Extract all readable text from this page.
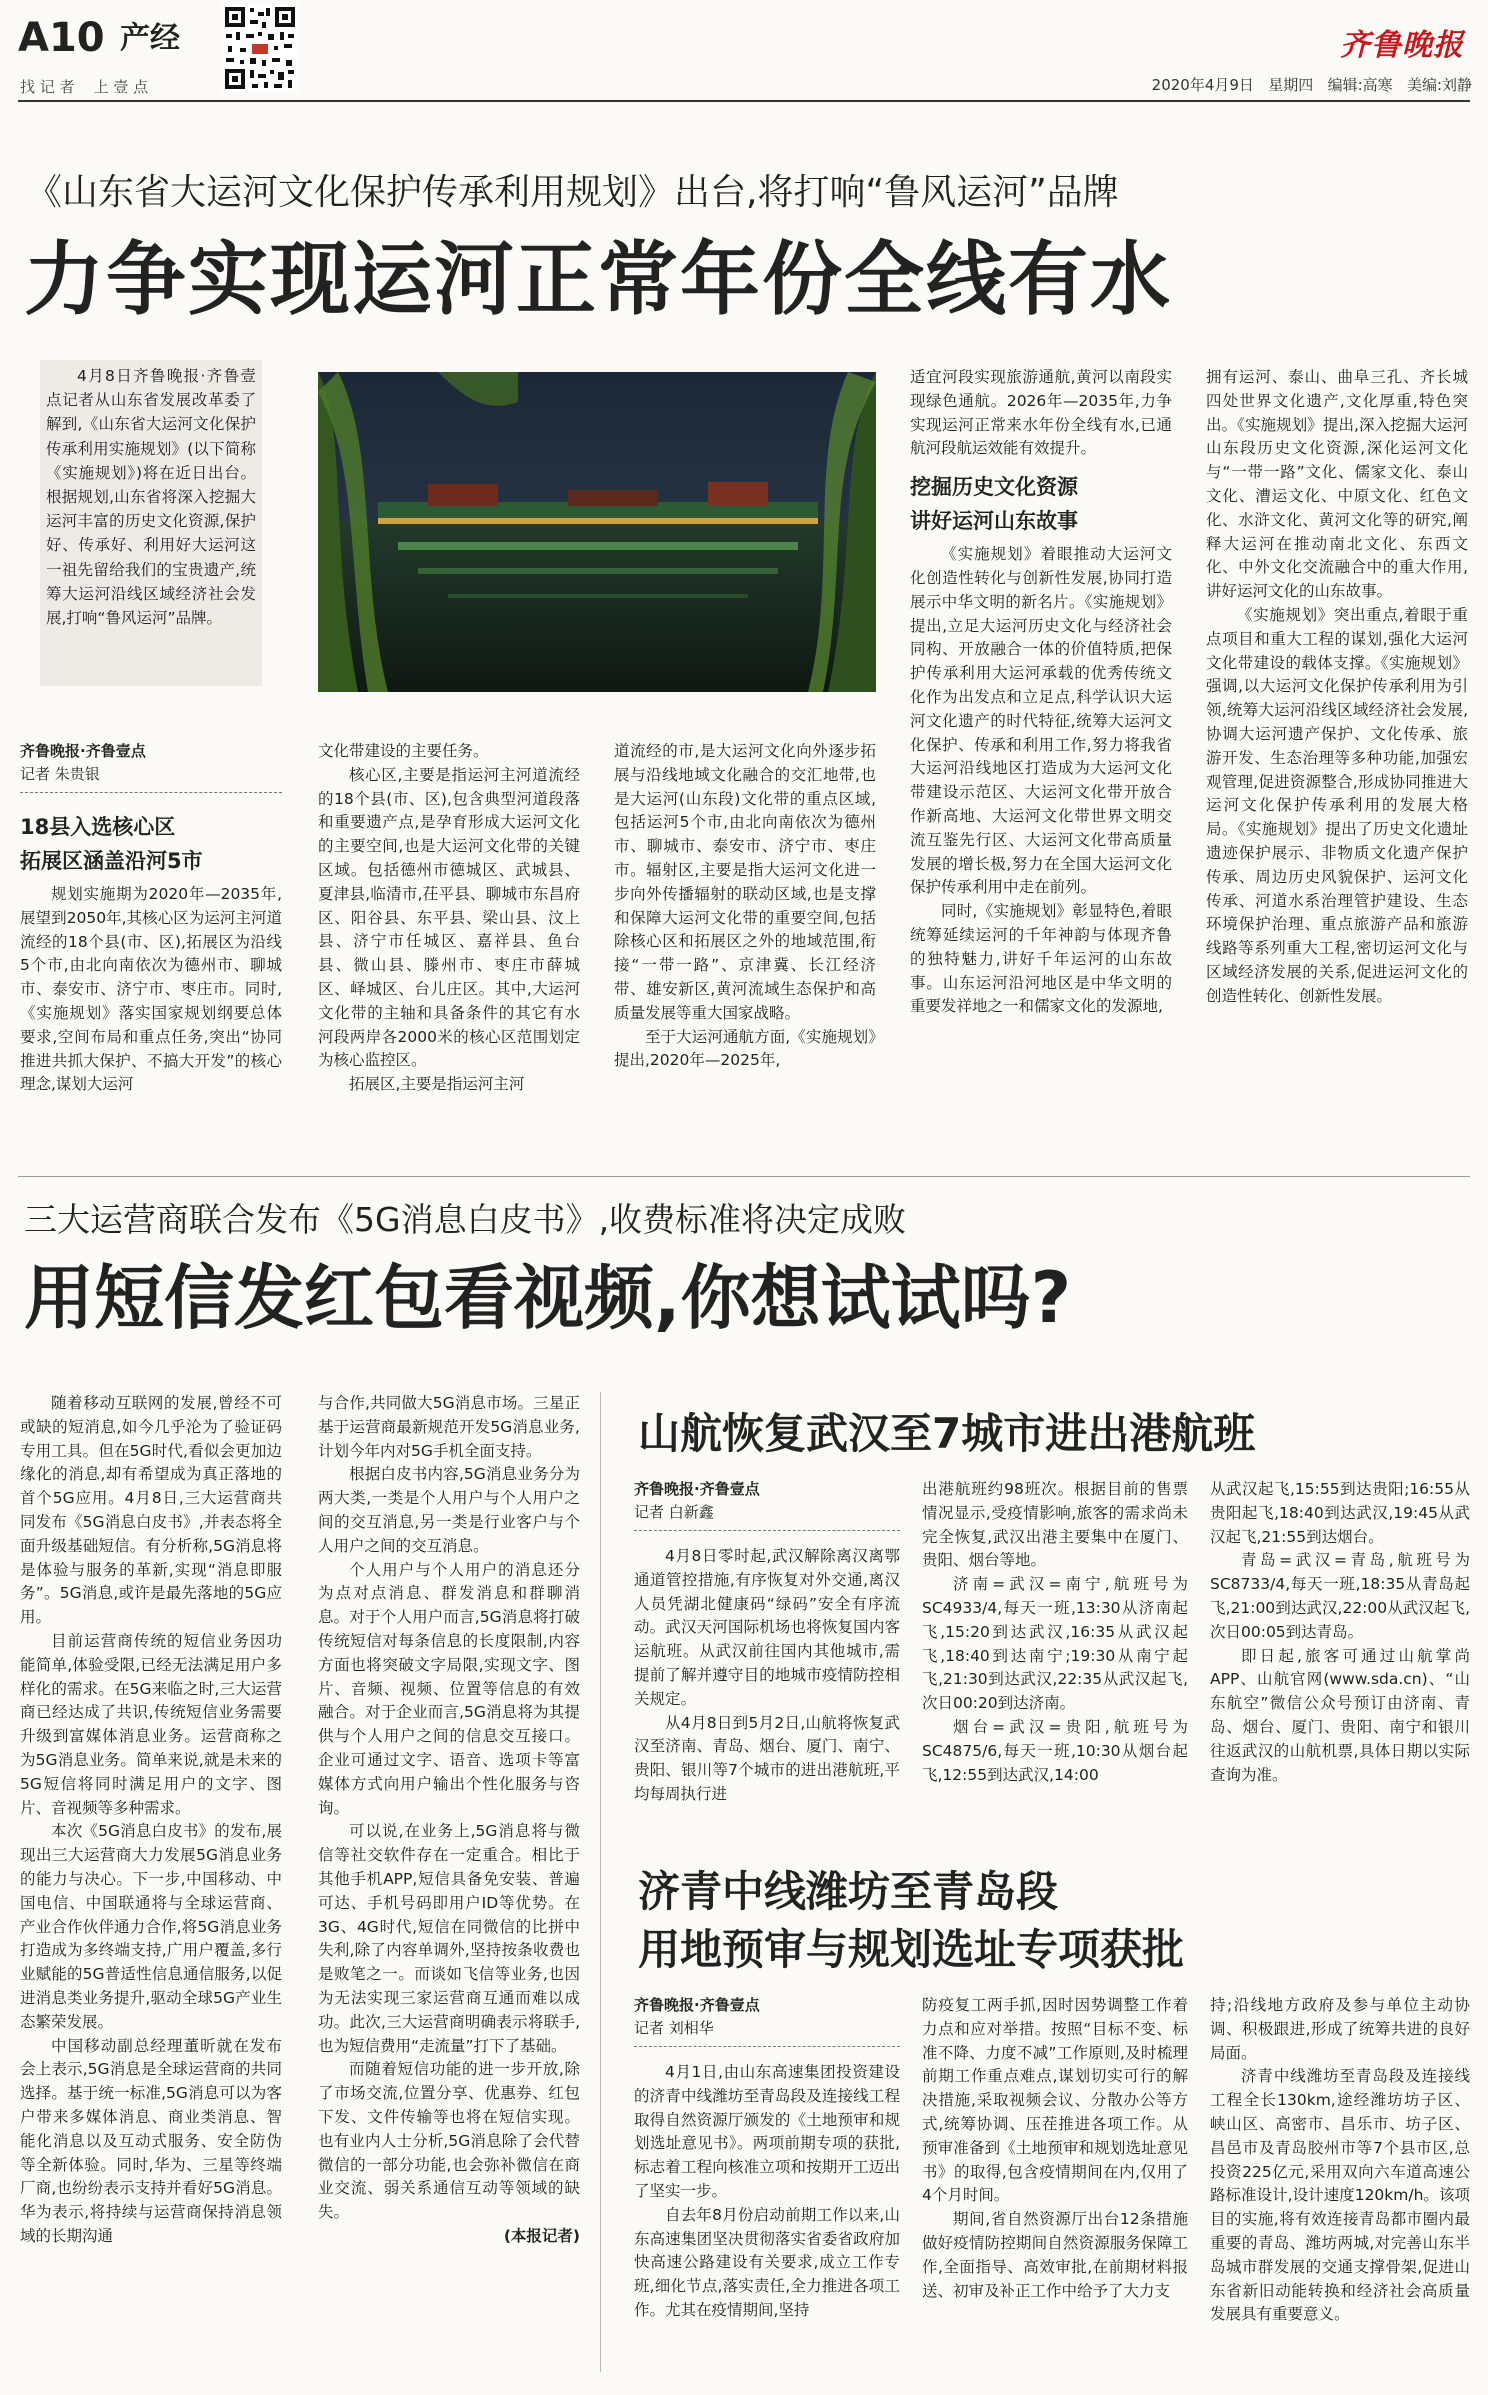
A10 产经
找 记 者    上 壹 点
齐鲁晚报
2020年4月9日 星期四 编辑:高寒 美编:刘静
《山东省大运河文化保护传承利用规划》出台,将打响“鲁风运河”品牌
力争实现运河正常年份全线有水

4月8日齐鲁晚报·齐鲁壹点记者从山东省发展改革委了解到,《山东省大运河文化保护传承利用实施规划》(以下简称《实施规划》)将在近日出台。根据规划,山东省将深入挖掘大运河丰富的历史文化资源,保护好、传承好、利用好大运河这一祖先留给我们的宝贵遗产,统筹大运河沿线区域经济社会发展,打响“鲁风运河”品牌。

齐鲁晚报·齐鲁壹点
记者 朱贵银
18县入选核心区
拓展区涵盖沿河5市

规划实施期为2020年—2035年,展望到2050年,其核心区为运河主河道流经的18个县(市、区),拓展区为沿线5个市,由北向南依次为德州市、聊城市、泰安市、济宁市、枣庄市。同时,《实施规划》落实国家规划纲要总体要求,空间布局和重点任务,突出“协同推进共抓大保护、不搞大开发”的核心理念,谋划大运河

文化带建设的主要任务。

核心区,主要是指运河主河道流经的18个县(市、区),包含典型河道段落和重要遗产点,是孕育形成大运河文化的主要空间,也是大运河文化带的关键区域。包括德州市德城区、武城县、夏津县,临清市,茌平县、聊城市东昌府区、阳谷县、东平县、梁山县、汶上县、济宁市任城区、嘉祥县、鱼台县、微山县、滕州市、枣庄市薛城区、峄城区、台儿庄区。其中,大运河文化带的主轴和具备条件的其它有水河段两岸各2000米的核心区范围划定为核心监控区。

拓展区,主要是指运河主河

道流经的市,是大运河文化向外逐步拓展与沿线地域文化融合的交汇地带,也是大运河(山东段)文化带的重点区域,包括运河5个市,由北向南依次为德州市、聊城市、泰安市、济宁市、枣庄市。辐射区,主要是指大运河文化进一步向外传播辐射的联动区域,也是支撑和保障大运河文化带的重要空间,包括除核心区和拓展区之外的地域范围,衔接“一带一路”、京津冀、长江经济带、雄安新区,黄河流域生态保护和高质量发展等重大国家战略。

至于大运河通航方面,《实施规划》提出,2020年—2025年,

适宜河段实现旅游通航,黄河以南段实现绿色通航。2026年—2035年,力争实现运河正常来水年份全线有水,已通航河段航运效能有效提升。

挖掘历史文化资源
讲好运河山东故事

《实施规划》着眼推动大运河文化创造性转化与创新性发展,协同打造展示中华文明的新名片。《实施规划》提出,立足大运河历史文化与经济社会同构、开放融合一体的价值特质,把保护传承利用大运河承载的优秀传统文化作为出发点和立足点,科学认识大运河文化遗产的时代特征,统筹大运河文化保护、传承和利用工作,努力将我省大运河沿线地区打造成为大运河文化带建设示范区、大运河文化带开放合作新高地、大运河文化带世界文明交流互鉴先行区、大运河文化带高质量发展的增长极,努力在全国大运河文化保护传承利用中走在前列。

同时,《实施规划》彰显特色,着眼统筹延续运河的千年神韵与体现齐鲁的独特魅力,讲好千年运河的山东故事。山东运河沿河地区是中华文明的重要发祥地之一和儒家文化的发源地,

拥有运河、泰山、曲阜三孔、齐长城四处世界文化遗产,文化厚重,特色突出。《实施规划》提出,深入挖掘大运河山东段历史文化资源,深化运河文化与“一带一路”文化、儒家文化、泰山文化、漕运文化、中原文化、红色文化、水浒文化、黄河文化等的研究,阐释大运河在推动南北文化、东西文化、中外文化交流融合中的重大作用,讲好运河文化的山东故事。

《实施规划》突出重点,着眼于重点项目和重大工程的谋划,强化大运河文化带建设的载体支撑。《实施规划》强调,以大运河文化保护传承利用为引领,统筹大运河沿线区域经济社会发展,协调大运河遗产保护、文化传承、旅游开发、生态治理等多种功能,加强宏观管理,促进资源整合,形成协同推进大运河文化保护传承利用的发展大格局。《实施规划》提出了历史文化遗址遗迹保护展示、非物质文化遗产保护传承、周边历史风貌保护、运河文化传承、河道水系治理管护建设、生态环境保护治理、重点旅游产品和旅游线路等系列重大工程,密切运河文化与区域经济发展的关系,促进运河文化的创造性转化、创新性发展。

三大运营商联合发布《5G消息白皮书》,收费标准将决定成败
用短信发红包看视频,你想试试吗?

随着移动互联网的发展,曾经不可或缺的短消息,如今几乎沦为了验证码专用工具。但在5G时代,看似会更加边缘化的消息,却有希望成为真正落地的首个5G应用。4月8日,三大运营商共同发布《5G消息白皮书》,并表态将全面升级基础短信。有分析称,5G消息将是体验与服务的革新,实现“消息即服务”。5G消息,或许是最先落地的5G应用。

目前运营商传统的短信业务因功能简单,体验受限,已经无法满足用户多样化的需求。在5G来临之时,三大运营商已经达成了共识,传统短信业务需要升级到富媒体消息业务。运营商称之为5G消息业务。简单来说,就是未来的5G短信将同时满足用户的文字、图片、音视频等多种需求。

本次《5G消息白皮书》的发布,展现出三大运营商大力发展5G消息业务的能力与决心。下一步,中国移动、中国电信、中国联通将与全球运营商、产业合作伙伴通力合作,将5G消息业务打造成为多终端支持,广用户覆盖,多行业赋能的5G普适性信息通信服务,以促进消息类业务提升,驱动全球5G产业生态繁荣发展。

中国移动副总经理董昕就在发布会上表示,5G消息是全球运营商的共同选择。基于统一标准,5G消息可以为客户带来多媒体消息、商业类消息、智能化消息以及互动式服务、安全防伪等全新体验。同时,华为、三星等终端厂商,也纷纷表示支持并看好5G消息。华为表示,将持续与运营商保持消息领域的长期沟通

与合作,共同做大5G消息市场。三星正基于运营商最新规范开发5G消息业务,计划今年内对5G手机全面支持。

根据白皮书内容,5G消息业务分为两大类,一类是个人用户与个人用户之间的交互消息,另一类是行业客户与个人用户之间的交互消息。

个人用户与个人用户的消息还分为点对点消息、群发消息和群聊消息。对于个人用户而言,5G消息将打破传统短信对每条信息的长度限制,内容方面也将突破文字局限,实现文字、图片、音频、视频、位置等信息的有效融合。对于企业而言,5G消息将为其提供与个人用户之间的信息交互接口。企业可通过文字、语音、选项卡等富媒体方式向用户输出个性化服务与咨询。

可以说,在业务上,5G消息将与微信等社交软件存在一定重合。相比于其他手机APP,短信具备免安装、普遍可达、手机号码即用户ID等优势。在3G、4G时代,短信在同微信的比拼中失利,除了内容单调外,坚持按条收费也是败笔之一。而谈如飞信等业务,也因为无法实现三家运营商互通而难以成功。此次,三大运营商明确表示将联手,也为短信费用“走流量”打下了基础。

而随着短信功能的进一步开放,除了市场交流,位置分享、优惠券、红包下发、文件传输等也将在短信实现。也有业内人士分析,5G消息除了会代替微信的一部分功能,也会弥补微信在商业交流、弱关系通信互动等领域的缺失。

(本报记者)
山航恢复武汉至7城市进出港航班
齐鲁晚报·齐鲁壹点
记者 白新鑫

4月8日零时起,武汉解除离汉离鄂通道管控措施,有序恢复对外交通,离汉人员凭湖北健康码“绿码”安全有序流动。武汉天河国际机场也将恢复国内客运航班。从武汉前往国内其他城市,需提前了解并遵守目的地城市疫情防控相关规定。

从4月8日到5月2日,山航将恢复武汉至济南、青岛、烟台、厦门、南宁、贵阳、银川等7个城市的进出港航班,平均每周执行进

出港航班约98班次。根据目前的售票情况显示,受疫情影响,旅客的需求尚未完全恢复,武汉出港主要集中在厦门、贵阳、烟台等地。

济南=武汉=南宁,航班号为SC4933/4,每天一班,13:30从济南起飞,15:20到达武汉,16:35从武汉起飞,18:40到达南宁;19:30从南宁起飞,21:30到达武汉,22:35从武汉起飞,次日00:20到达济南。

烟台=武汉=贵阳,航班号为SC4875/6,每天一班,10:30从烟台起飞,12:55到达武汉,14:00

从武汉起飞,15:55到达贵阳;16:55从贵阳起飞,18:40到达武汉,19:45从武汉起飞,21:55到达烟台。

青岛=武汉=青岛,航班号为SC8733/4,每天一班,18:35从青岛起飞,21:00到达武汉,22:00从武汉起飞,次日00:05到达青岛。

即日起,旅客可通过山航掌尚APP、山航官网(www.sda.cn)、“山东航空”微信公众号预订由济南、青岛、烟台、厦门、贵阳、南宁和银川往返武汉的山航机票,具体日期以实际查询为准。

济青中线潍坊至青岛段
用地预审与规划选址专项获批
齐鲁晚报·齐鲁壹点
记者 刘相华

4月1日,由山东高速集团投资建设的济青中线潍坊至青岛段及连接线工程取得自然资源厅颁发的《土地预审和规划选址意见书》。两项前期专项的获批,标志着工程向核准立项和按期开工迈出了坚实一步。

自去年8月份启动前期工作以来,山东高速集团坚决贯彻落实省委省政府加快高速公路建设有关要求,成立工作专班,细化节点,落实责任,全力推进各项工作。尤其在疫情期间,坚持

防疫复工两手抓,因时因势调整工作着力点和应对举措。按照“目标不变、标准不降、力度不减”工作原则,及时梳理前期工作重点难点,谋划切实可行的解决措施,采取视频会议、分散办公等方式,统筹协调、压茬推进各项工作。从预审准备到《土地预审和规划选址意见书》的取得,包含疫情期间在内,仅用了4个月时间。

期间,省自然资源厅出台12条措施做好疫情防控期间自然资源服务保障工作,全面指导、高效审批,在前期材料报送、初审及补正工作中给予了大力支

持;沿线地方政府及参与单位主动协调、积极跟进,形成了统筹共进的良好局面。

济青中线潍坊至青岛段及连接线工程全长130km,途经潍坊坊子区、峡山区、高密市、昌乐市、坊子区、昌邑市及青岛胶州市等7个县市区,总投资225亿元,采用双向六车道高速公路标准设计,设计速度120km/h。该项目的实施,将有效连接青岛都市圈内最重要的青岛、潍坊两城,对完善山东半岛城市群发展的交通支撑骨架,促进山东省新旧动能转换和经济社会高质量发展具有重要意义。
